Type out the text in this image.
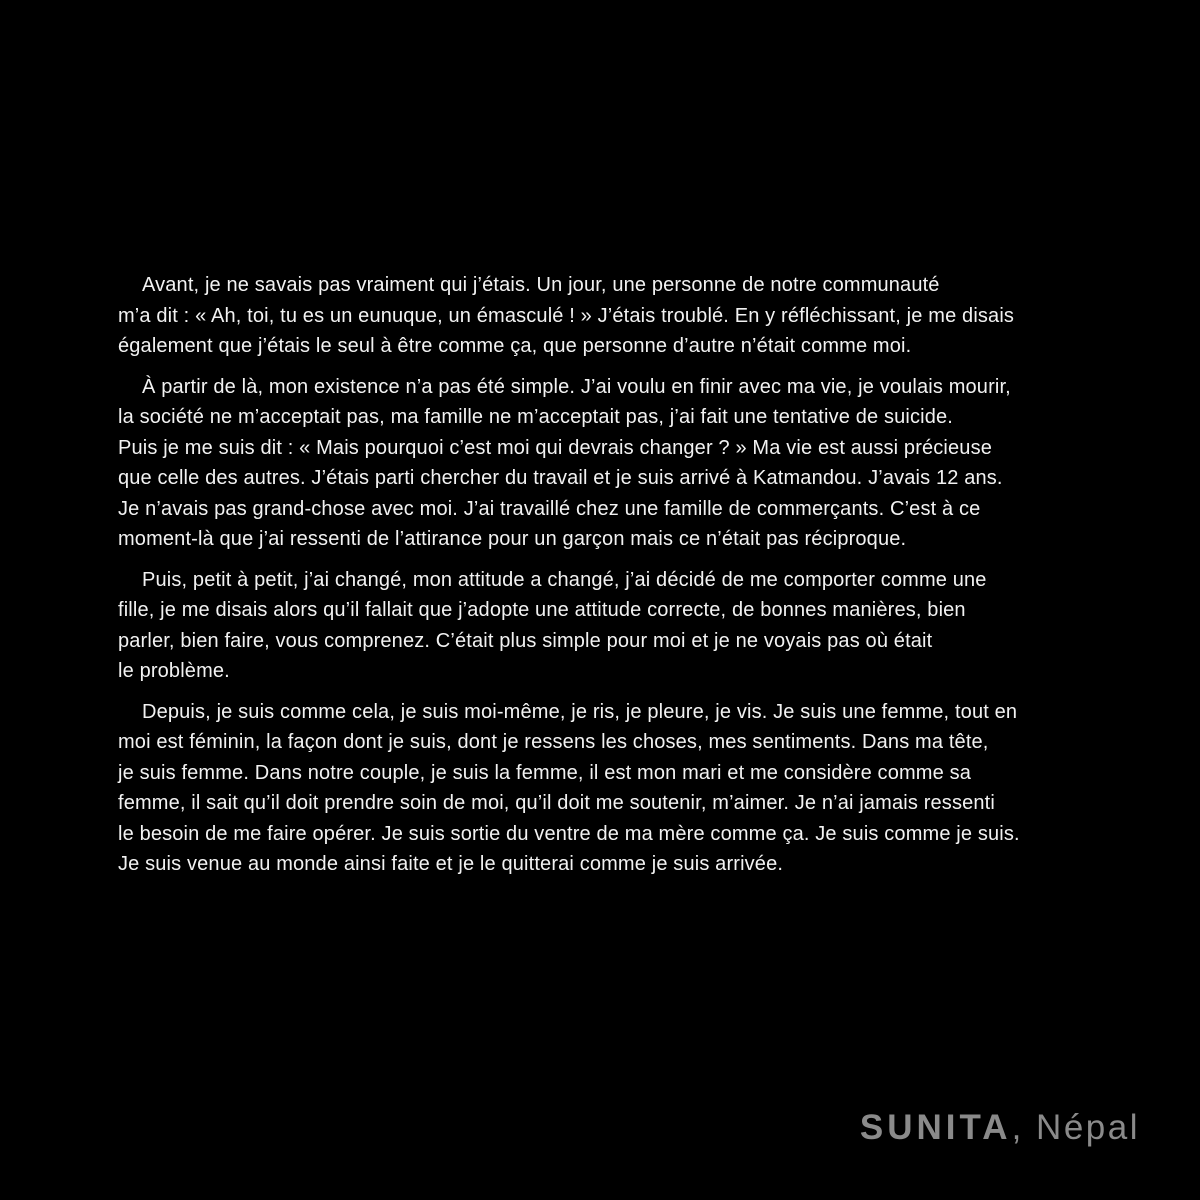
Avant, je ne savais pas vraiment qui j’étais. Un jour, une personne de notre communauté
m’a dit : « Ah, toi, tu es un eunuque, un émasculé ! » J’étais troublé. En y réfléchissant, je me disais
également que j’étais le seul à être comme ça, que personne d’autre n’était comme moi.

À partir de là, mon existence n’a pas été simple. J’ai voulu en finir avec ma vie, je voulais mourir,
la société ne m’acceptait pas, ma famille ne m’acceptait pas, j’ai fait une tentative de suicide.
Puis je me suis dit : « Mais pourquoi c’est moi qui devrais changer ? » Ma vie est aussi précieuse
que celle des autres. J’étais parti chercher du travail et je suis arrivé à Katmandou. J’avais 12 ans.
Je n’avais pas grand-chose avec moi. J’ai travaillé chez une famille de commerçants. C’est à ce
moment-là que j’ai ressenti de l’attirance pour un garçon mais ce n’était pas réciproque.

Puis, petit à petit, j’ai changé, mon attitude a changé, j’ai décidé de me comporter comme une
fille, je me disais alors qu’il fallait que j’adopte une attitude correcte, de bonnes manières, bien
parler, bien faire, vous comprenez. C’était plus simple pour moi et je ne voyais pas où était
le problème.

Depuis, je suis comme cela, je suis moi-même, je ris, je pleure, je vis. Je suis une femme, tout en
moi est féminin, la façon dont je suis, dont je ressens les choses, mes sentiments. Dans ma tête,
je suis femme. Dans notre couple, je suis la femme, il est mon mari et me considère comme sa
femme, il sait qu’il doit prendre soin de moi, qu’il doit me soutenir, m’aimer. Je n’ai jamais ressenti
le besoin de me faire opérer. Je suis sortie du ventre de ma mère comme ça. Je suis comme je suis.
Je suis venue au monde ainsi faite et je le quitterai comme je suis arrivée.

SUNITA, Népal
